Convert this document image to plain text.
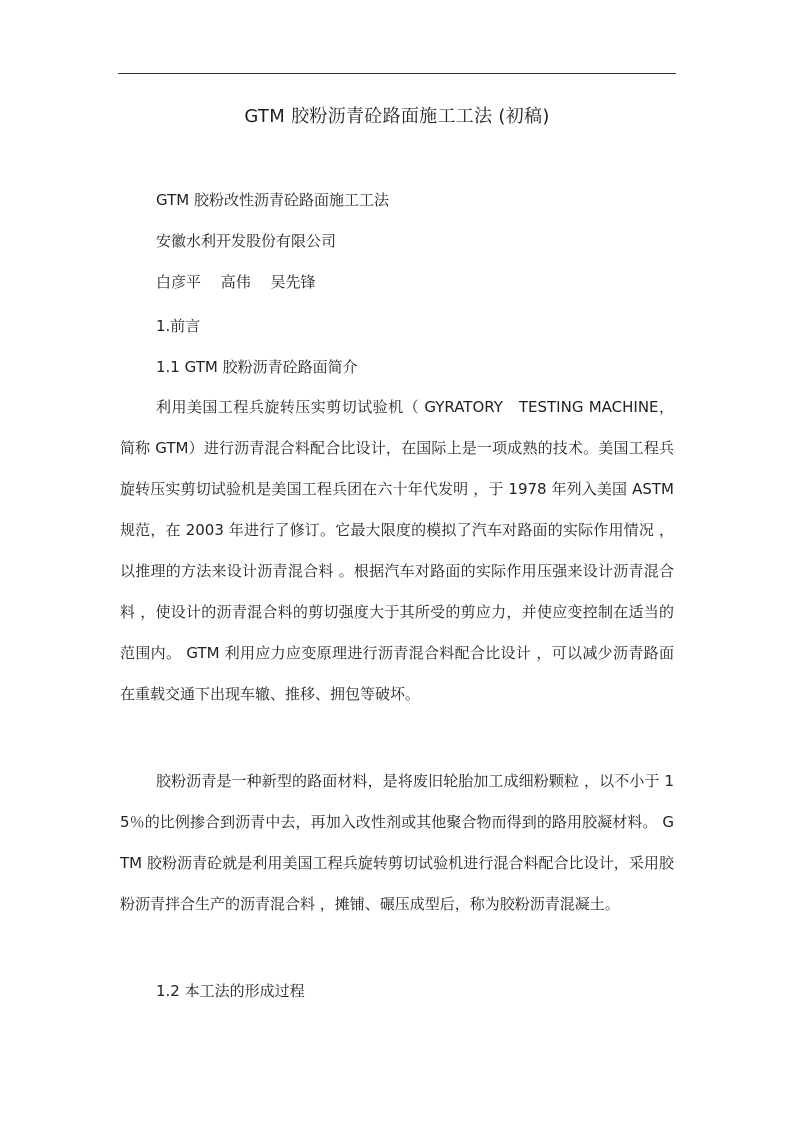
GTM 胶粉沥青砼路面施工工法 (初稿)
GTM 胶粉改性沥青砼路面施工工法
安徽水利开发股份有限公司
白彦平　 高伟　 吴先锋
1.前言
1.1 GTM 胶粉沥青砼路面简介
利用美国工程兵旋转压实剪切试验机（ GYRATORY　TESTING MACHINE，简称 GTM）进行沥青混合料配合比设计，在国际上是一项成熟的技术。美国工程兵旋转压实剪切试验机是美国工程兵团在六十年代发明 ，于 1978 年列入美国 ASTM 规范，在 2003 年进行了修订。它最大限度的模拟了汽车对路面的实际作用情况 ，以推理的方法来设计沥青混合料 。根据汽车对路面的实际作用压强来设计沥青混合料 ，使设计的沥青混合料的剪切强度大于其所受的剪应力，并使应变控制在适当的范围内。 GTM 利用应力应变原理进行沥青混合料配合比设计 ，可以减少沥青路面在重载交通下出现车辙、推移、拥包等破坏。
胶粉沥青是一种新型的路面材料，是将废旧轮胎加工成细粉颗粒 ，以不小于 15％的比例掺合到沥青中去，再加入改性剂或其他聚合物而得到的路用胶凝材料。 GTM 胶粉沥青砼就是利用美国工程兵旋转剪切试验机进行混合料配合比设计，采用胶粉沥青拌合生产的沥青混合料 ，摊铺、碾压成型后，称为胶粉沥青混凝土。
1.2 本工法的形成过程
